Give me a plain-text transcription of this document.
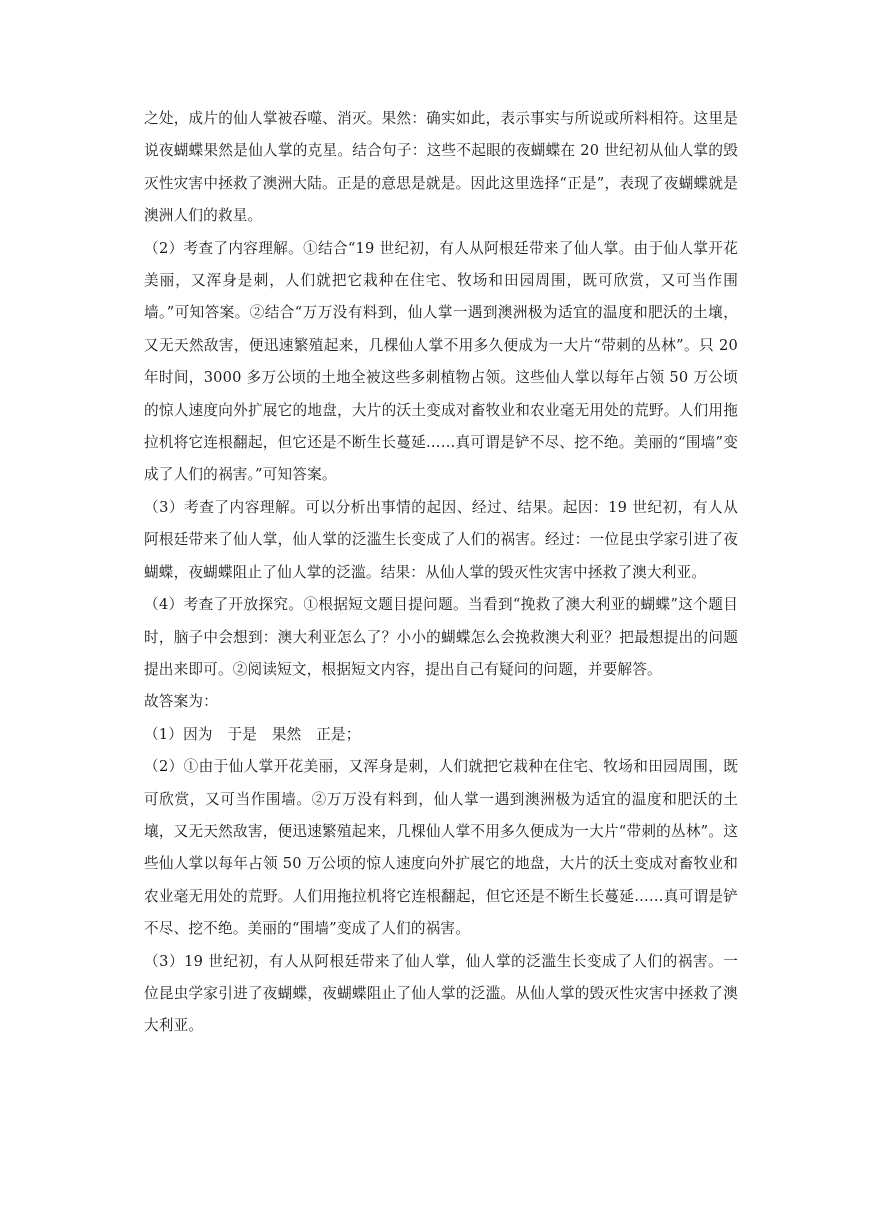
之处，成片的仙人掌被吞噬、消灭。果然：确实如此，表示事实与所说或所料相符。这里是说夜蝴蝶果然是仙人掌的克星。结合句子：这些不起眼的夜蝴蝶在 20 世纪初从仙人掌的毁灭性灾害中拯救了澳洲大陆。正是的意思是就是。因此这里选择“正是”，表现了夜蝴蝶就是澳洲人们的救星。

（2）考查了内容理解。①结合“19 世纪初，有人从阿根廷带来了仙人掌。由于仙人掌开花美丽，又浑身是刺，人们就把它栽种在住宅、牧场和田园周围，既可欣赏，又可当作围墙。”可知答案。②结合“万万没有料到，仙人掌一遇到澳洲极为适宜的温度和肥沃的土壤，又无天然敌害，便迅速繁殖起来，几棵仙人掌不用多久便成为一大片“带刺的丛林”。只 20 年时间，3000 多万公顷的土地全被这些多刺植物占领。这些仙人掌以每年占领 50 万公顷的惊人速度向外扩展它的地盘，大片的沃土变成对畜牧业和农业毫无用处的荒野。人们用拖拉机将它连根翻起，但它还是不断生长蔓延……真可谓是铲不尽、挖不绝。美丽的“围墙”变成了人们的祸害。”可知答案。

（3）考查了内容理解。可以分析出事情的起因、经过、结果。起因：19 世纪初，有人从阿根廷带来了仙人掌，仙人掌的泛滥生长变成了人们的祸害。经过：一位昆虫学家引进了夜蝴蝶，夜蝴蝶阻止了仙人掌的泛滥。结果：从仙人掌的毁灭性灾害中拯救了澳大利亚。

（4）考查了开放探究。①根据短文题目提问题。当看到“挽救了澳大利亚的蝴蝶”这个题目时，脑子中会想到：澳大利亚怎么了？小小的蝴蝶怎么会挽救澳大利亚？把最想提出的问题提出来即可。②阅读短文，根据短文内容，提出自己有疑问的问题，并要解答。

故答案为：

（1）因为　于是　果然　正是；

（2）①由于仙人掌开花美丽，又浑身是刺，人们就把它栽种在住宅、牧场和田园周围，既可欣赏，又可当作围墙。②万万没有料到，仙人掌一遇到澳洲极为适宜的温度和肥沃的土壤，又无天然敌害，便迅速繁殖起来，几棵仙人掌不用多久便成为一大片“带刺的丛林”。这些仙人掌以每年占领 50 万公顷的惊人速度向外扩展它的地盘，大片的沃土变成对畜牧业和农业毫无用处的荒野。人们用拖拉机将它连根翻起，但它还是不断生长蔓延……真可谓是铲不尽、挖不绝。美丽的“围墙”变成了人们的祸害。

（3）19 世纪初，有人从阿根廷带来了仙人掌，仙人掌的泛滥生长变成了人们的祸害。一位昆虫学家引进了夜蝴蝶，夜蝴蝶阻止了仙人掌的泛滥。从仙人掌的毁灭性灾害中拯救了澳大利亚。
